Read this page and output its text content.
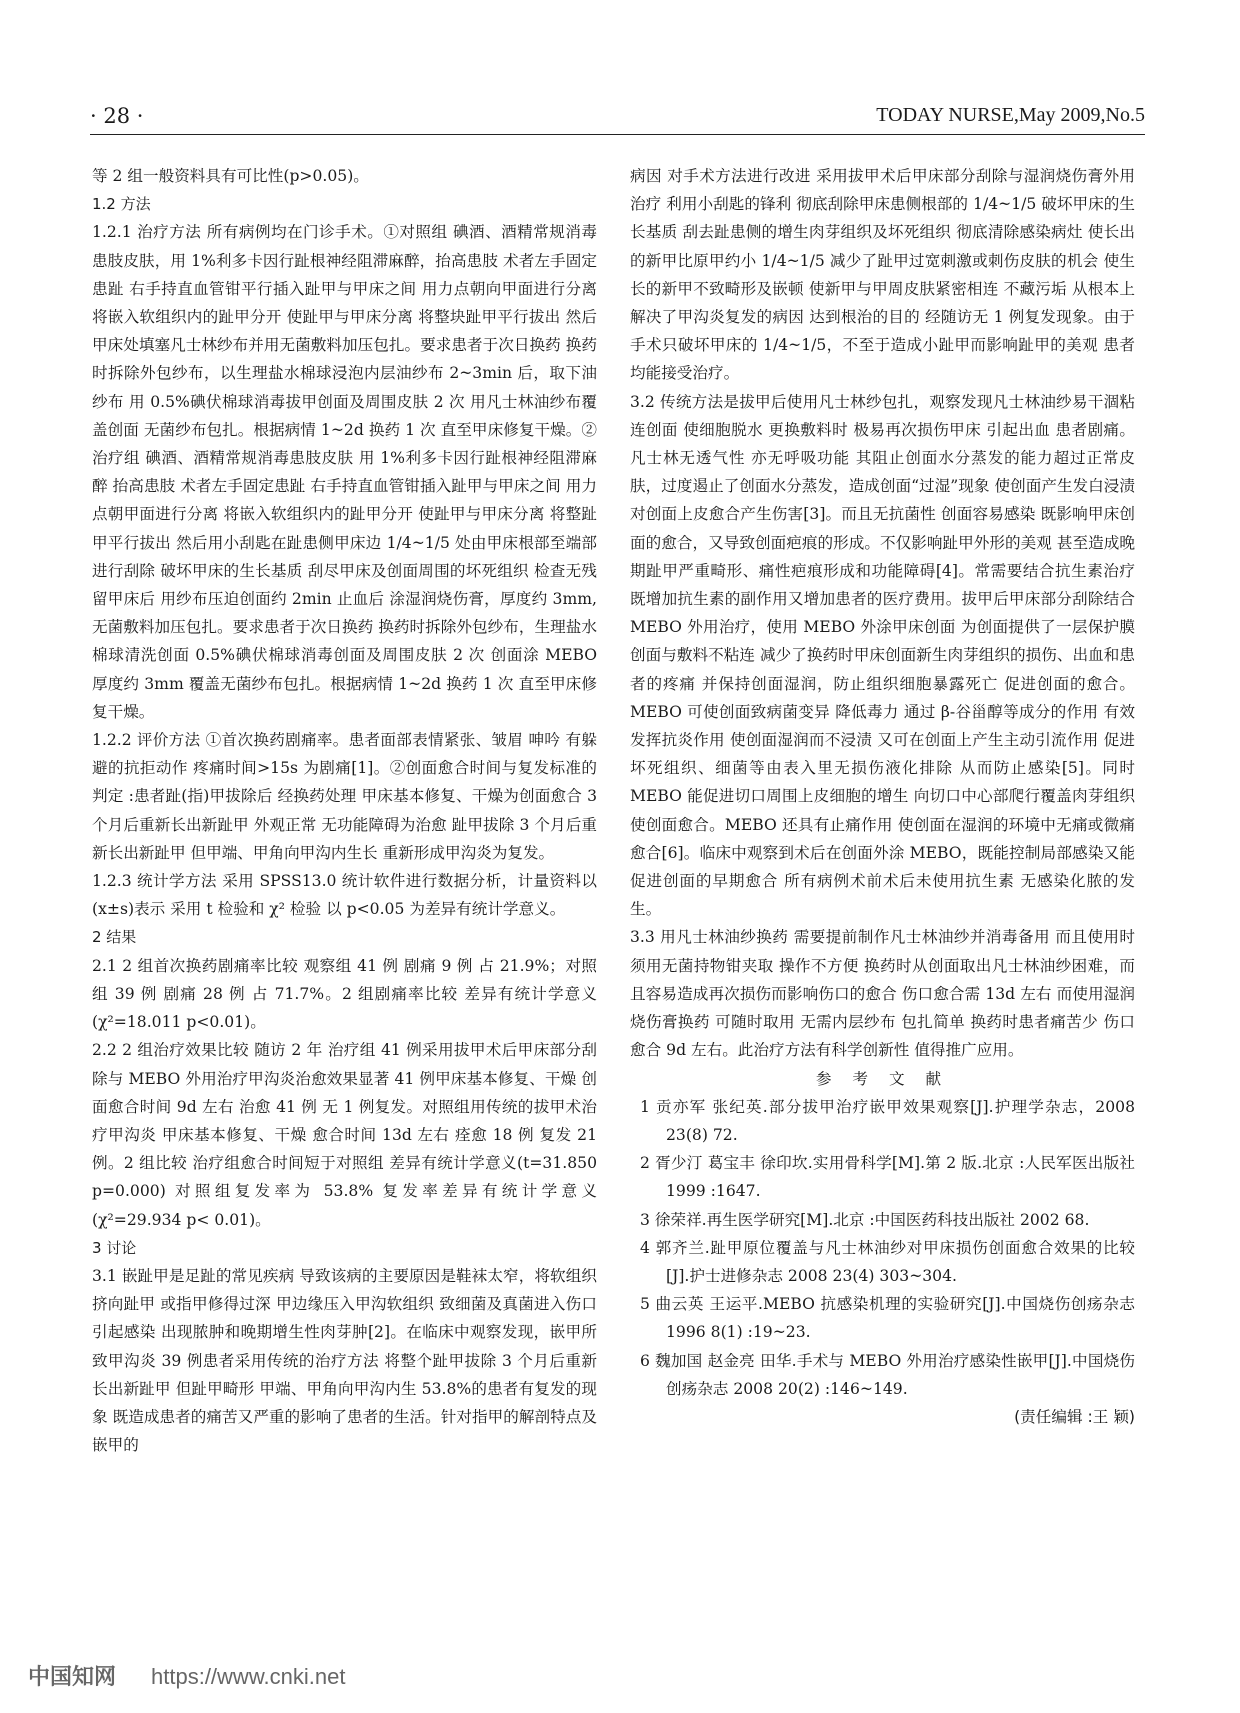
· 28 ·	TODAY NURSE,May 2009,No.5

等 2 组一般资料具有可比性(p>0.05)。

1.2 方法

1.2.1 治疗方法 所有病例均在门诊手术。①对照组 碘酒、酒精常规消毒患肢皮肤，用 1%利多卡因行趾根神经阻滞麻醉，抬高患肢 术者左手固定患趾 右手持直血管钳平行插入趾甲与甲床之间 用力点朝向甲面进行分离 将嵌入软组织内的趾甲分开 使趾甲与甲床分离 将整块趾甲平行拔出 然后甲床处填塞凡士林纱布并用无菌敷料加压包扎。要求患者于次日换药 换药时拆除外包纱布，以生理盐水棉球浸泡内层油纱布 2~3min 后，取下油纱布 用 0.5%碘伏棉球消毒拔甲创面及周围皮肤 2 次 用凡士林油纱布覆盖创面 无菌纱布包扎。根据病情 1~2d 换药 1 次 直至甲床修复干燥。②治疗组 碘酒、酒精常规消毒患肢皮肤 用 1%利多卡因行趾根神经阻滞麻醉 抬高患肢 术者左手固定患趾 右手持直血管钳插入趾甲与甲床之间 用力点朝甲面进行分离 将嵌入软组织内的趾甲分开 使趾甲与甲床分离 将整趾甲平行拔出 然后用小刮匙在趾患侧甲床边 1/4~1/5 处由甲床根部至端部进行刮除 破坏甲床的生长基质 刮尽甲床及创面周围的坏死组织 检查无残留甲床后 用纱布压迫创面约 2min 止血后 涂湿润烧伤膏，厚度约 3mm,无菌敷料加压包扎。要求患者于次日换药 换药时拆除外包纱布，生理盐水棉球清洗创面 0.5%碘伏棉球消毒创面及周围皮肤 2 次 创面涂 MEBO 厚度约 3mm 覆盖无菌纱布包扎。根据病情 1~2d 换药 1 次 直至甲床修复干燥。

1.2.2 评价方法 ①首次换药剧痛率。患者面部表情紧张、皱眉 呻吟 有躲避的抗拒动作 疼痛时间>15s 为剧痛[1]。②创面愈合时间与复发标准的判定 :患者趾(指)甲拔除后 经换药处理 甲床基本修复、干燥为创面愈合 3 个月后重新长出新趾甲 外观正常 无功能障碍为治愈 趾甲拔除 3 个月后重新长出新趾甲 但甲端、甲角向甲沟内生长 重新形成甲沟炎为复发。

1.2.3 统计学方法 采用 SPSS13.0 统计软件进行数据分析，计量资料以(x±s)表示 采用 t 检验和 χ² 检验 以 p<0.05 为差异有统计学意义。

2 结果

2.1 2 组首次换药剧痛率比较 观察组 41 例 剧痛 9 例 占 21.9%；对照组 39 例 剧痛 28 例 占 71.7%。2 组剧痛率比较 差异有统计学意义(χ²=18.011 p<0.01)。

2.2 2 组治疗效果比较 随访 2 年 治疗组 41 例采用拔甲术后甲床部分刮除与 MEBO 外用治疗甲沟炎治愈效果显著 41 例甲床基本修复、干燥 创面愈合时间 9d 左右 治愈 41 例 无 1 例复发。对照组用传统的拔甲术治疗甲沟炎 甲床基本修复、干燥 愈合时间 13d 左右 痊愈 18 例 复发 21 例。2 组比较 治疗组愈合时间短于对照组 差异有统计学意义(t=31.850 p=0.000) 对照组复发率为 53.8% 复发率差异有统计学意义(χ²=29.934 p< 0.01)。

3 讨论

3.1 嵌趾甲是足趾的常见疾病 导致该病的主要原因是鞋袜太窄，将软组织挤向趾甲 或指甲修得过深 甲边缘压入甲沟软组织 致细菌及真菌进入伤口引起感染 出现脓肿和晚期增生性肉芽肿[2]。在临床中观察发现，嵌甲所致甲沟炎 39 例患者采用传统的治疗方法 将整个趾甲拔除 3 个月后重新长出新趾甲 但趾甲畸形 甲端、甲角向甲沟内生 53.8%的患者有复发的现象 既造成患者的痛苦又严重的影响了患者的生活。针对指甲的解剖特点及嵌甲的

病因 对手术方法进行改进 采用拔甲术后甲床部分刮除与湿润烧伤膏外用治疗 利用小刮匙的锋利 彻底刮除甲床患侧根部的 1/4~1/5 破坏甲床的生长基质 刮去趾患侧的增生肉芽组织及坏死组织 彻底清除感染病灶 使长出的新甲比原甲约小 1/4~1/5 减少了趾甲过宽刺激或刺伤皮肤的机会 使生长的新甲不致畸形及嵌顿 使新甲与甲周皮肤紧密相连 不藏污垢 从根本上解决了甲沟炎复发的病因 达到根治的目的 经随访无 1 例复发现象。由于手术只破坏甲床的 1/4~1/5，不至于造成小趾甲而影响趾甲的美观 患者均能接受治疗。

3.2 传统方法是拔甲后使用凡士林纱包扎，观察发现凡士林油纱易干涸粘连创面 使细胞脱水 更换敷料时 极易再次损伤甲床 引起出血 患者剧痛。凡士林无透气性 亦无呼吸功能 其阻止创面水分蒸发的能力超过正常皮肤，过度遏止了创面水分蒸发，造成创面“过湿”现象 使创面产生发白浸渍 对创面上皮愈合产生伤害[3]。而且无抗菌性 创面容易感染 既影响甲床创面的愈合，又导致创面疤痕的形成。不仅影响趾甲外形的美观 甚至造成晚期趾甲严重畸形、痛性疤痕形成和功能障碍[4]。常需要结合抗生素治疗 既增加抗生素的副作用又增加患者的医疗费用。拔甲后甲床部分刮除结合 MEBO 外用治疗，使用 MEBO 外涂甲床创面 为创面提供了一层保护膜 创面与敷料不粘连 减少了换药时甲床创面新生肉芽组织的损伤、出血和患者的疼痛 并保持创面湿润，防止组织细胞暴露死亡 促进创面的愈合。MEBO 可使创面致病菌变异 降低毒力 通过 β-谷甾醇等成分的作用 有效发挥抗炎作用 使创面湿润而不浸渍 又可在创面上产生主动引流作用 促进坏死组织、细菌等由表入里无损伤液化排除 从而防止感染[5]。同时 MEBO 能促进切口周围上皮细胞的增生 向切口中心部爬行覆盖肉芽组织 使创面愈合。MEBO 还具有止痛作用 使创面在湿润的环境中无痛或微痛愈合[6]。临床中观察到术后在创面外涂 MEBO，既能控制局部感染又能促进创面的早期愈合 所有病例术前术后未使用抗生素 无感染化脓的发生。

3.3 用凡士林油纱换药 需要提前制作凡士林油纱并消毒备用 而且使用时须用无菌持物钳夹取 操作不方便 换药时从创面取出凡士林油纱困难，而且容易造成再次损伤而影响伤口的愈合 伤口愈合需 13d 左右 而使用湿润烧伤膏换药 可随时取用 无需内层纱布 包扎简单 换药时患者痛苦少 伤口愈合 9d 左右。此治疗方法有科学创新性 值得推广应用。

参 考 文 献

1 贡亦军 张纪英.部分拔甲治疗嵌甲效果观察[J].护理学杂志，2008 23(8) 72.

2 胥少汀 葛宝丰 徐印坎.实用骨科学[M].第 2 版.北京 :人民军医出版社 1999 :1647.

3 徐荣祥.再生医学研究[M].北京 :中国医药科技出版社 2002 68.

4 郭齐兰.趾甲原位覆盖与凡士林油纱对甲床损伤创面愈合效果的比较[J].护士进修杂志 2008 23(4) 303~304.

5 曲云英 王运平.MEBO 抗感染机理的实验研究[J].中国烧伤创疡杂志 1996 8(1) :19~23.

6 魏加国 赵金亮 田华.手术与 MEBO 外用治疗感染性嵌甲[J].中国烧伤创疡杂志 2008 20(2) :146~149.

(责任编辑 :王 颖)

中国知网 https://www.cnki.net
